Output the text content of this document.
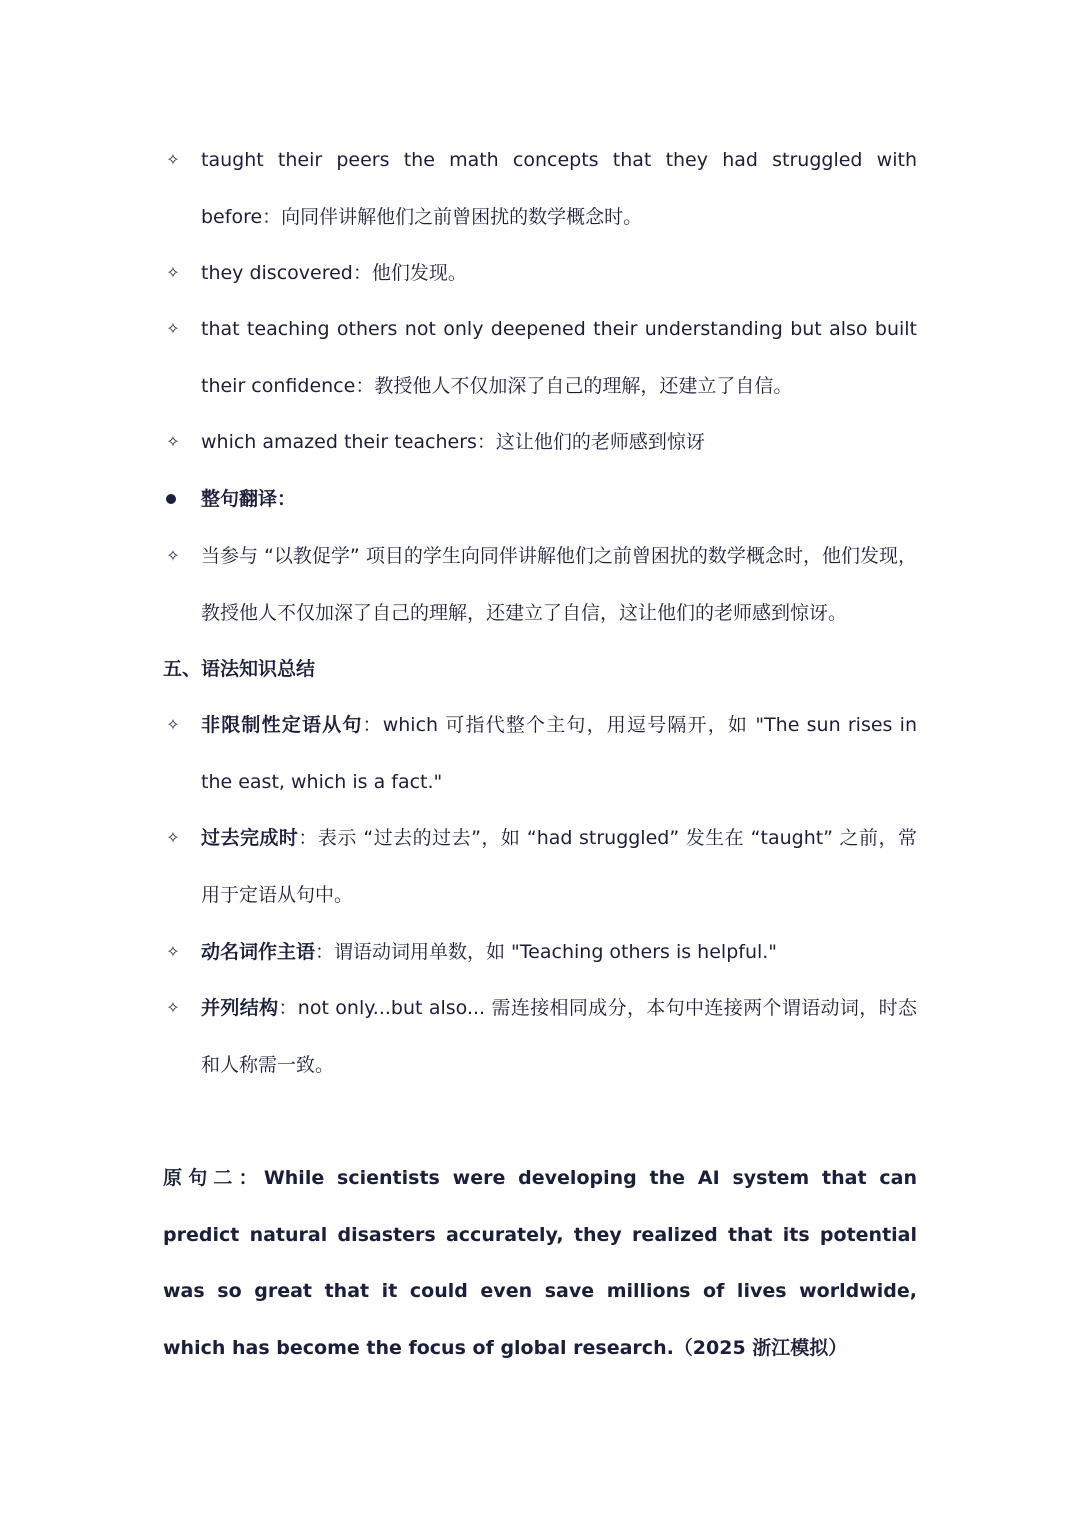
✧ taught their peers the math concepts that they had struggled with before：向同伴讲解他们之前曾困扰的数学概念时。
✧ they discovered：他们发现。
✧ that teaching others not only deepened their understanding but also built their confidence：教授他人不仅加深了自己的理解，还建立了自信。
✧ which amazed their teachers：这让他们的老师感到惊讶
整句翻译：
✧ 当参与 “以教促学” 项目的学生向同伴讲解他们之前曾困扰的数学概念时，他们发现，教授他人不仅加深了自己的理解，还建立了自信，这让他们的老师感到惊讶。
五、语法知识总结
✧ 非限制性定语从句：which 可指代整个主句，用逗号隔开，如 "The sun rises in the east, which is a fact."
✧ 过去完成时：表示 “过去的过去”，如 “had struggled” 发生在 “taught” 之前，常用于定语从句中。
✧ 动名词作主语：谓语动词用单数，如 "Teaching others is helpful."
✧ 并列结构：not only...but also... 需连接相同成分，本句中连接两个谓语动词，时态和人称需一致。
原句二：While scientists were developing the AI system that can predict natural disasters accurately, they realized that its potential was so great that it could even save millions of lives worldwide, which has become the focus of global research.（2025 浙江模拟）
